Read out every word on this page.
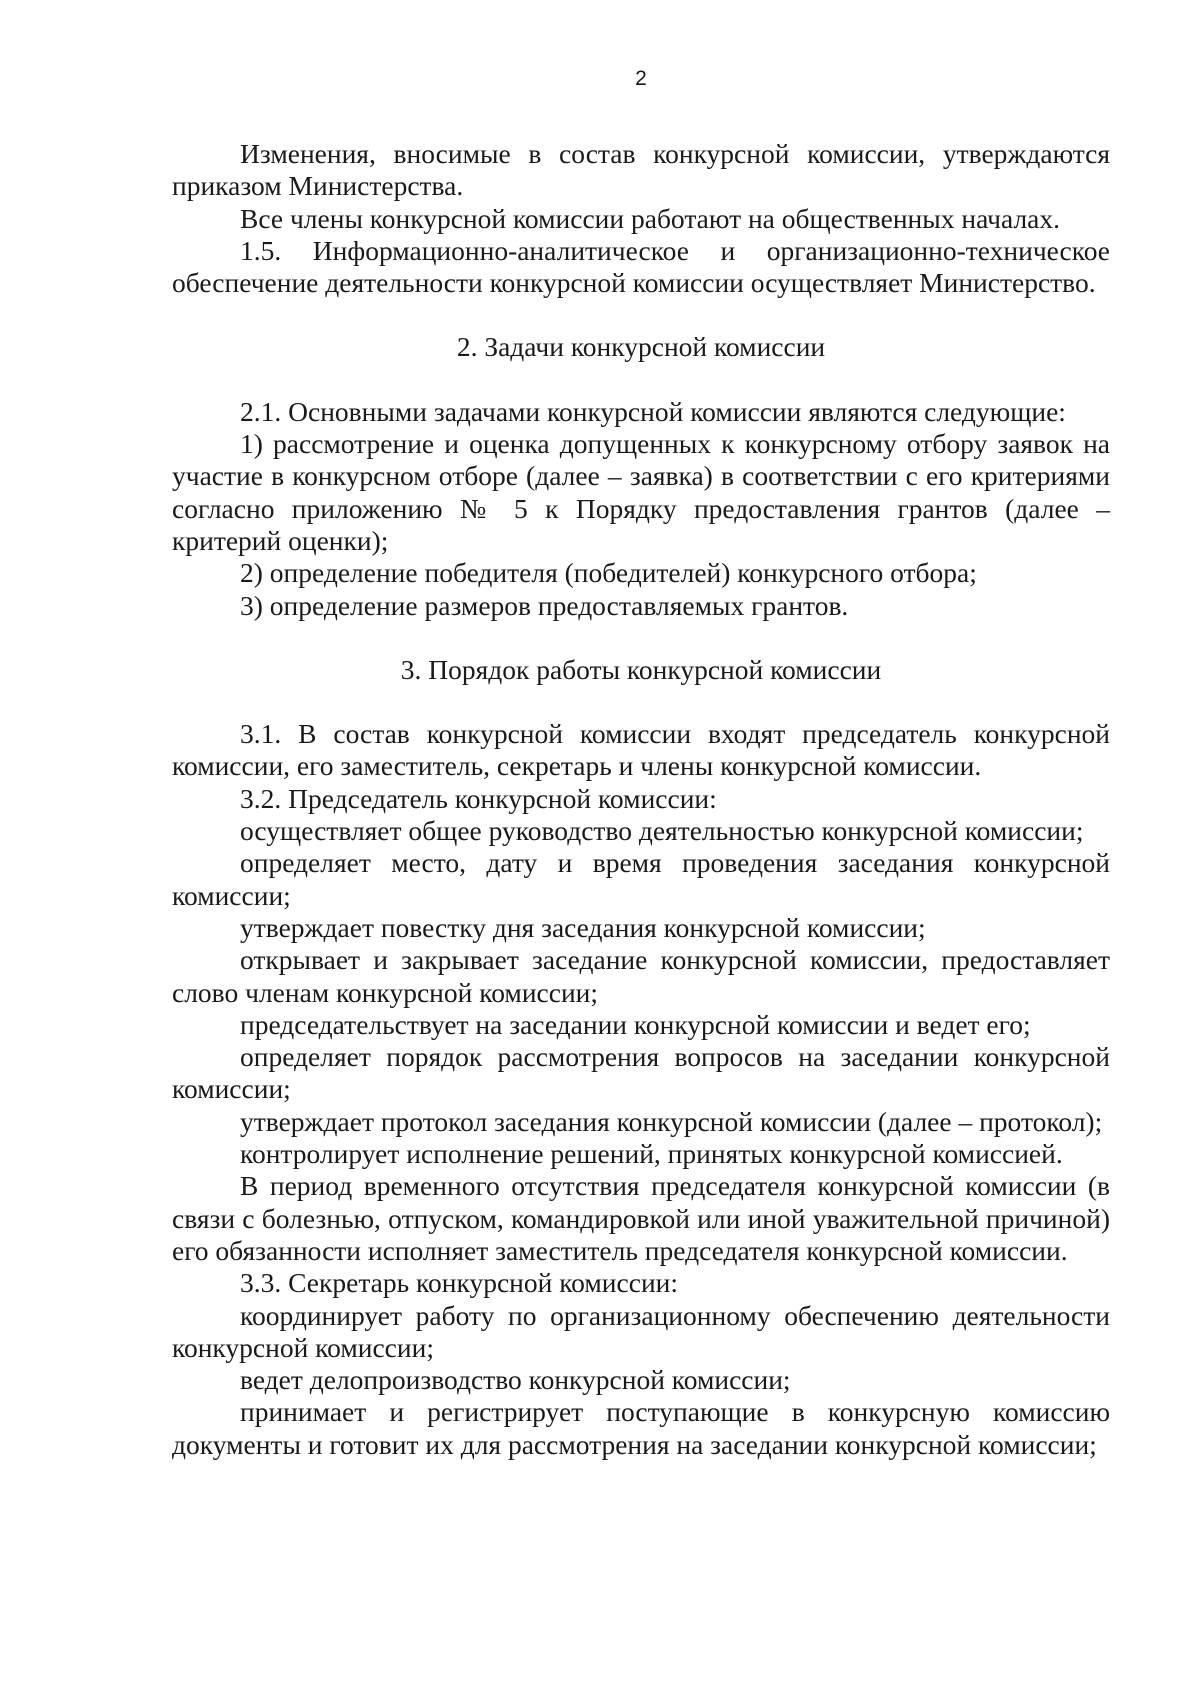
2

Изменения, вносимые в состав конкурсной комиссии, утверждаются приказом Министерства.

Все члены конкурсной комиссии работают на общественных началах.

1.5. Информационно-аналитическое и организационно-техническое обеспечение деятельности конкурсной комиссии осуществляет Министерство.

2. Задачи конкурсной комиссии

2.1. Основными задачами конкурсной комиссии являются следующие:

1) рассмотрение и оценка допущенных к конкурсному отбору заявок на участие в конкурсном отборе (далее – заявка) в соответствии с его критериями согласно приложению № 5 к Порядку предоставления грантов (далее – критерий оценки);

2) определение победителя (победителей) конкурсного отбора;

3) определение размеров предоставляемых грантов.

3. Порядок работы конкурсной комиссии

3.1. В состав конкурсной комиссии входят председатель конкурсной комиссии, его заместитель, секретарь и члены конкурсной комиссии.

3.2. Председатель конкурсной комиссии:

осуществляет общее руководство деятельностью конкурсной комиссии;

определяет место, дату и время проведения заседания конкурсной комиссии;

утверждает повестку дня заседания конкурсной комиссии;

открывает и закрывает заседание конкурсной комиссии, предоставляет слово членам конкурсной комиссии;

председательствует на заседании конкурсной комиссии и ведет его;

определяет порядок рассмотрения вопросов на заседании конкурсной комиссии;

утверждает протокол заседания конкурсной комиссии (далее – протокол);

контролирует исполнение решений, принятых конкурсной комиссией.

В период временного отсутствия председателя конкурсной комиссии (в связи с болезнью, отпуском, командировкой или иной уважительной причиной) его обязанности исполняет заместитель председателя конкурсной комиссии.

3.3. Секретарь конкурсной комиссии:

координирует работу по организационному обеспечению деятельности конкурсной комиссии;

ведет делопроизводство конкурсной комиссии;

принимает и регистрирует поступающие в конкурсную комиссию документы и готовит их для рассмотрения на заседании конкурсной комиссии;
